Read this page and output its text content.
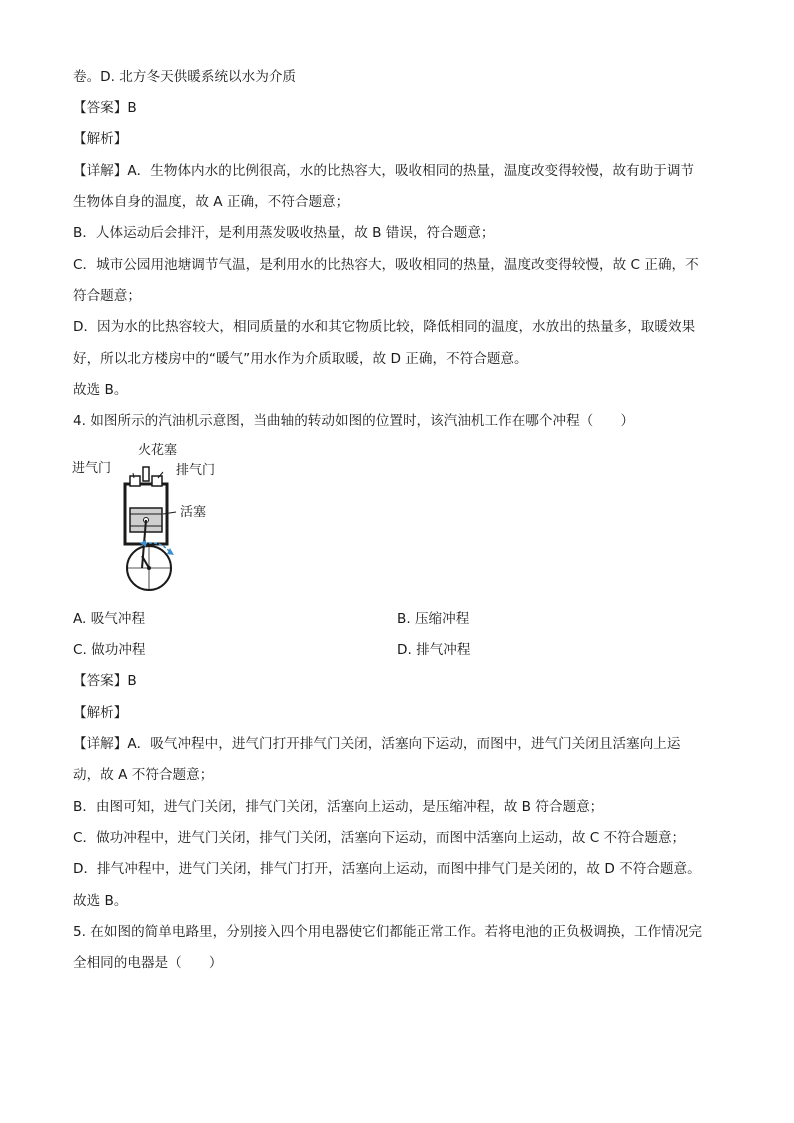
卷。D. 北方冬天供暖系统以水为介质
【答案】B
【解析】
【详解】A．生物体内水的比例很高，水的比热容大，吸收相同的热量，温度改变得较慢，故有助于调节
生物体自身的温度，故 A 正确，不符合题意；
B．人体运动后会排汗，是利用蒸发吸收热量，故 B 错误，符合题意；
C．城市公园用池塘调节气温，是利用水的比热容大，吸收相同的热量，温度改变得较慢，故 C 正确，不
符合题意；
D．因为水的比热容较大，相同质量的水和其它物质比较，降低相同的温度，水放出的热量多，取暖效果
好，所以北方楼房中的“暖气”用水作为介质取暖，故 D 正确，不符合题意。
故选 B。
4. 如图所示的汽油机示意图，当曲轴的转动如图的位置时，该汽油机工作在哪个冲程（　　）
火花塞
进气门	排气门
活塞
A. 吸气冲程	B. 压缩冲程
C. 做功冲程	D. 排气冲程
【答案】B
【解析】
【详解】A．吸气冲程中，进气门打开排气门关闭，活塞向下运动，而图中，进气门关闭且活塞向上运
动，故 A 不符合题意；
B．由图可知，进气门关闭，排气门关闭，活塞向上运动，是压缩冲程，故 B 符合题意；
C．做功冲程中，进气门关闭，排气门关闭，活塞向下运动，而图中活塞向上运动，故 C 不符合题意；
D．排气冲程中，进气门关闭，排气门打开，活塞向上运动，而图中排气门是关闭的，故 D 不符合题意。
故选 B。
5. 在如图的简单电路里，分别接入四个用电器使它们都能正常工作。若将电池的正负极调换，工作情况完
全相同的电器是（　　）
